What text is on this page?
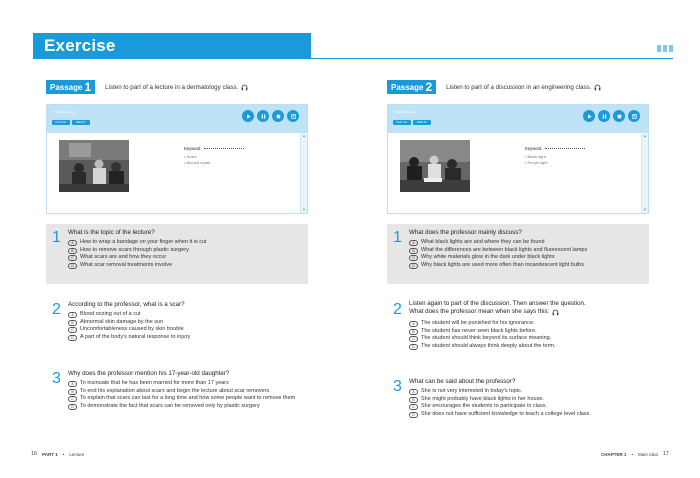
Exercise
Passage 1 Listen to part of a lecture in a dermatology class.
TOEFL listening
PLAY ALL	REPLAY
▲
▼
Keyword
• Scars
• Wound repair
1 What is the topic of the lecture?
A	How to wrap a bandage on your finger when it is cut
B	How to remove scars through plastic surgery
C	What scars are and how they occur
D	What scar removal treatments involve
2 According to the professor, what is a scar?
A	Blood oozing out of a cut
B	Abnormal skin damage by the sun
C	Uncomfortableness caused by skin trouble
D	A part of the body's natural response to injury
3 Why does the professor mention his 17-year-old daughter?
A	To insinuate that he has been married for more than 17 years
B	To end his explanation about scars and begin the lecture about scar removers
C	To explain that scars can last for a long time and how some people want to remove them
D	To demonstrate the fact that scars can be removed only by plastic surgery
Passage 2 Listen to part of a discussion in an engineering class.
TOEFL listening
PLAY ALL	REPLAY
▲
▼
Keyword
• Black light
• Purple light
1 What does the professor mainly discuss?
A	What black lights are and where they can be found
B	What the differences are between black lights and fluorescent lamps
C	Why white materials glow in the dark under black lights
D	Why black lights are used more often than incandescent light bulbs
2 Listen again to part of the discussion. Then answer the question.
What does the professor mean when she says this:
A	The student will be punished for his ignorance.
B	The student has never seen black lights before.
C	The student should think beyond its surface meaning.
D	The student should always think deeply about the term.
3 What can be said about the professor?
A	She is not very interested in today's topic.
B	She might probably have black lights in her house.
C	She encourages the students to participate in class.
D	She does not have sufficient knowledge to teach a college level class.
16 PART 1 • Lecture	CHAPTER 1 • Main Idea 17
